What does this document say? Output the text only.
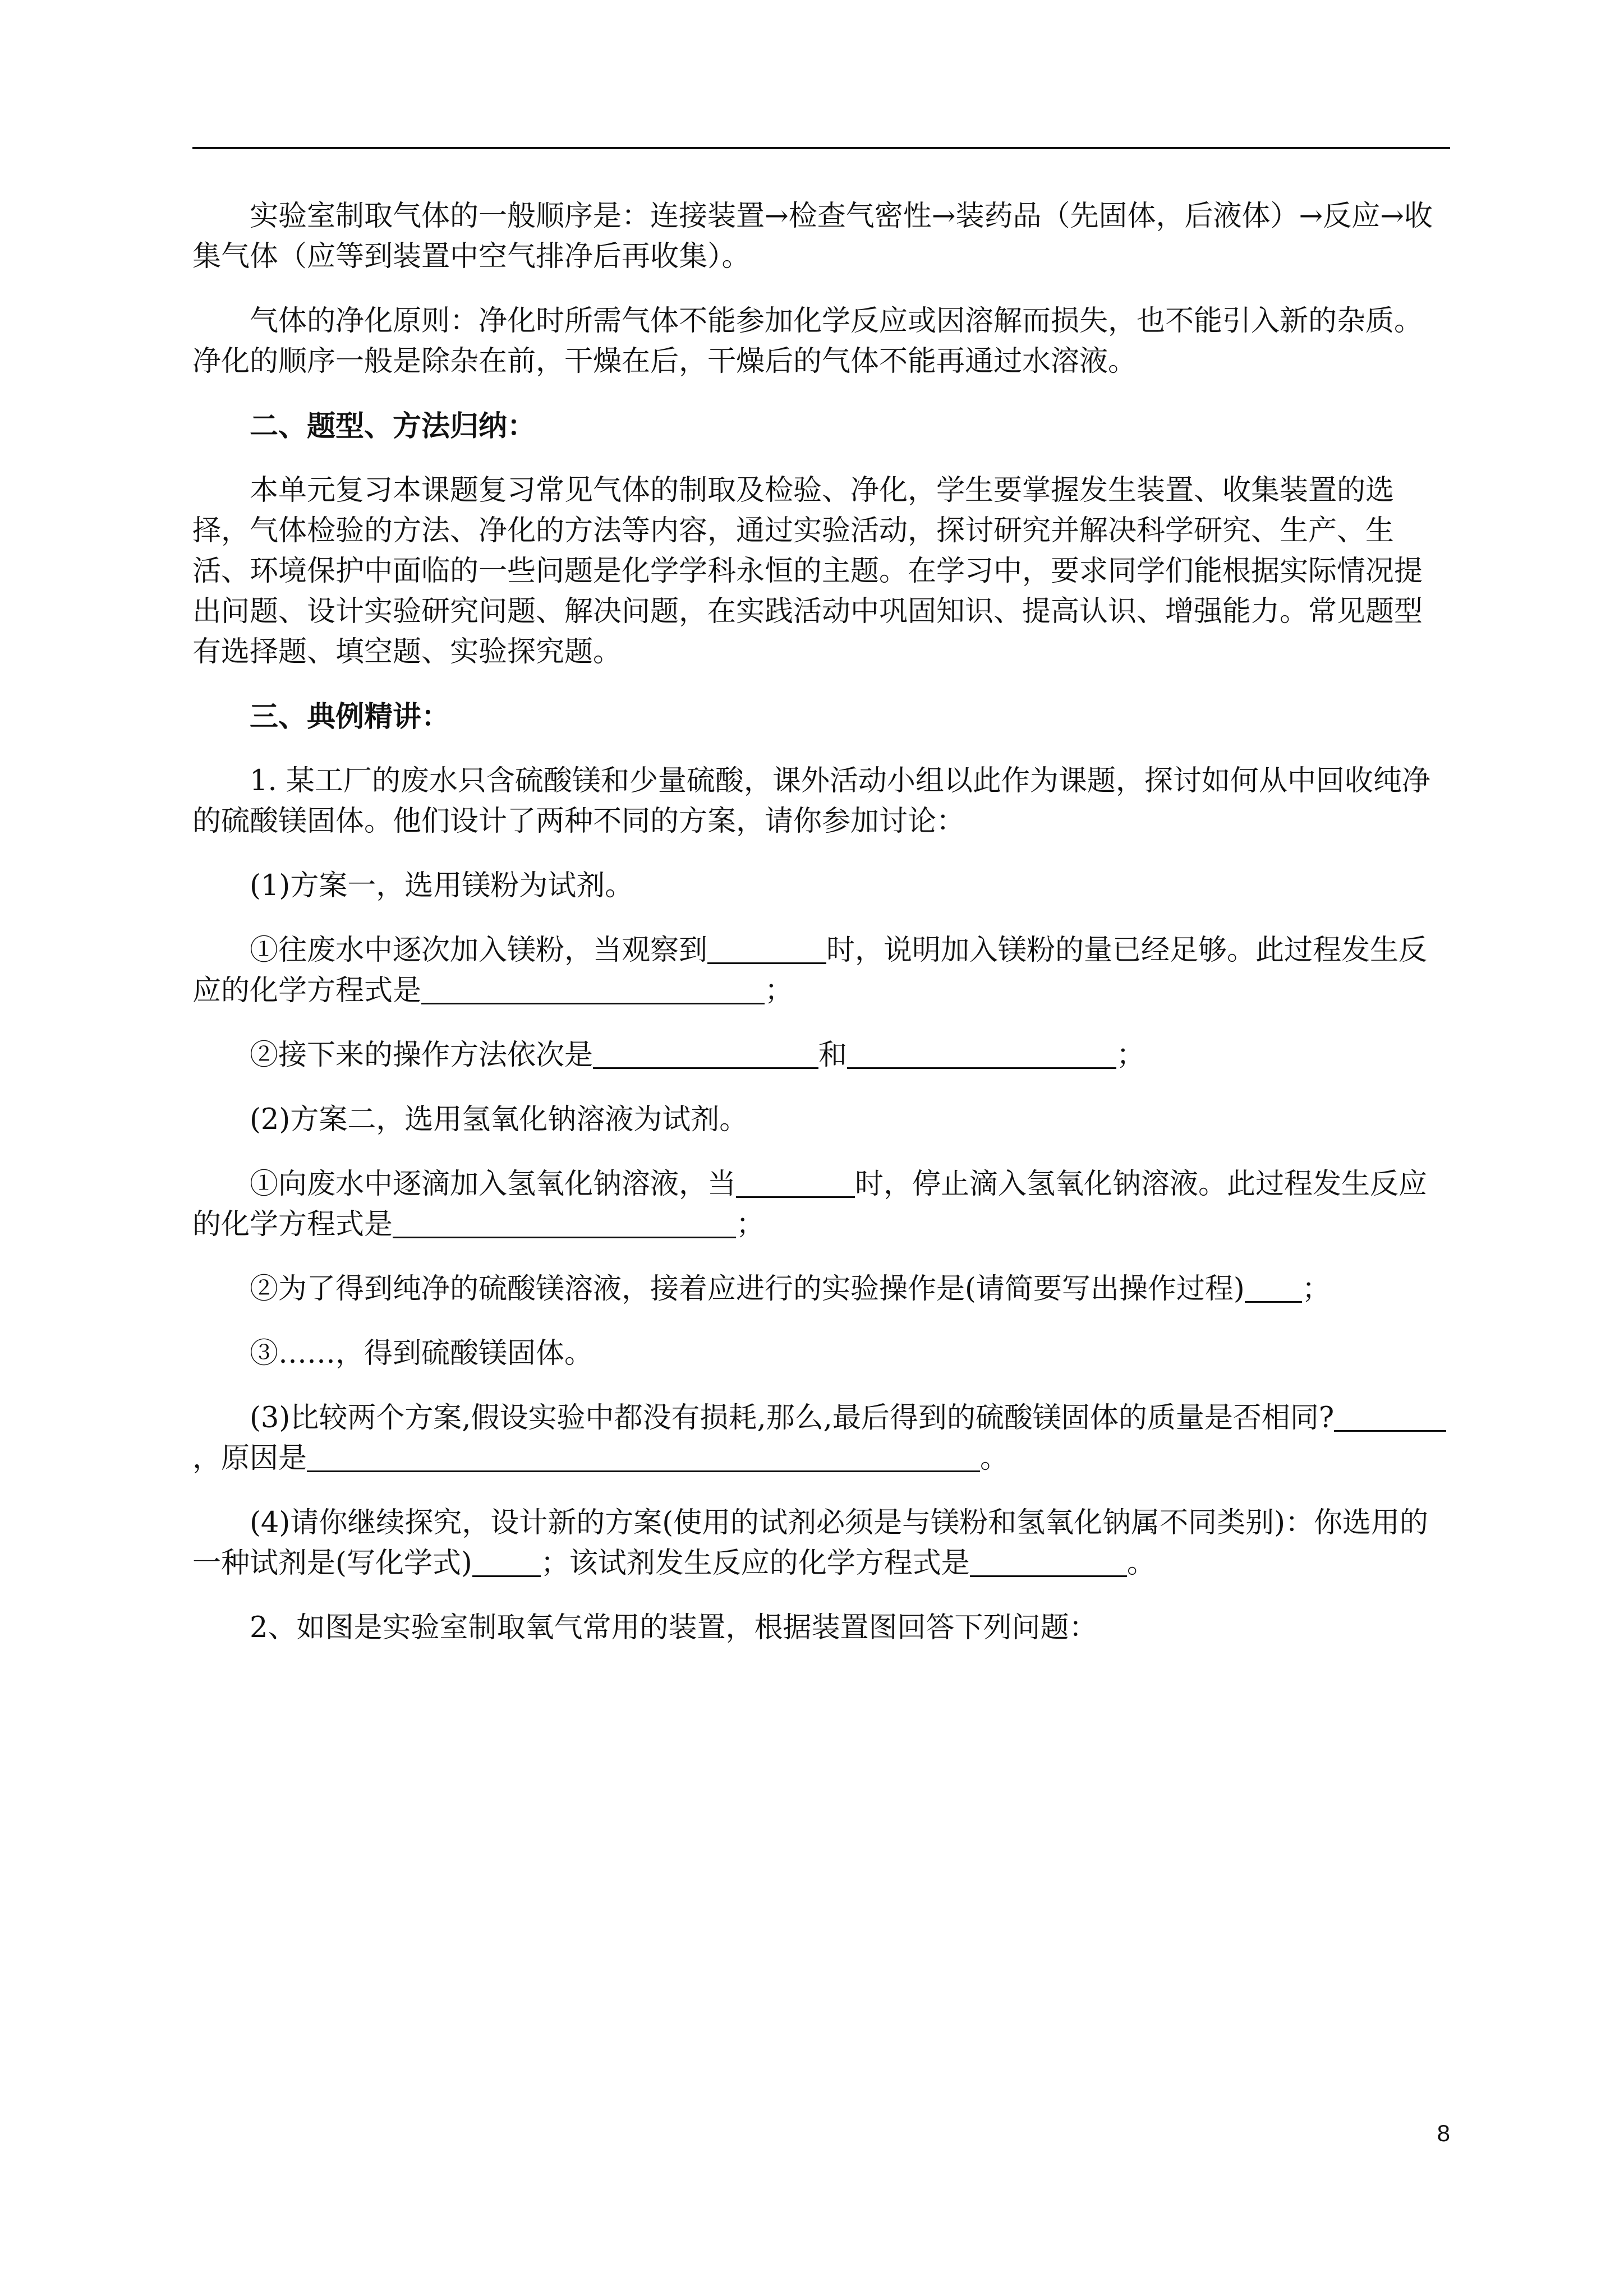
实验室制取气体的一般顺序是：连接装置→检查气密性→装药品（先固体，后液体）→反应→收集气体（应等到装置中空气排净后再收集）。

气体的净化原则：净化时所需气体不能参加化学反应或因溶解而损失，也不能引入新的杂质。净化的顺序一般是除杂在前，干燥在后，干燥后的气体不能再通过水溶液。

二、题型、方法归纳：

本单元复习本课题复习常见气体的制取及检验、净化，学生要掌握发生装置、收集装置的选择，气体检验的方法、净化的方法等内容，通过实验活动，探讨研究并解决科学研究、生产、生活、环境保护中面临的一些问题是化学学科永恒的主题。在学习中，要求同学们能根据实际情况提出问题、设计实验研究问题、解决问题，在实践活动中巩固知识、提高认识、增强能力。常见题型有选择题、填空题、实验探究题。

三、典例精讲：

1. 某工厂的废水只含硫酸镁和少量硫酸，课外活动小组以此作为课题，探讨如何从中回收纯净的硫酸镁固体。他们设计了两种不同的方案，请你参加讨论：

(1)方案一，选用镁粉为试剂。

①往废水中逐次加入镁粉，当观察到	时，说明加入镁粉的量已经足够。此过程发生反应的化学方程式是	；

②接下来的操作方法依次是	和	；

(2)方案二，选用氢氧化钠溶液为试剂。

①向废水中逐滴加入氢氧化钠溶液，当	时，停止滴入氢氧化钠溶液。此过程发生反应的化学方程式是	；

②为了得到纯净的硫酸镁溶液，接着应进行的实验操作是(请简要写出操作过程) ；

③……，得到硫酸镁固体。

(3)比较两个方案,假设实验中都没有损耗,那么,最后得到的硫酸镁固体的质量是否相同?，原因是	。

(4)请你继续探究，设计新的方案(使用的试剂必须是与镁粉和氢氧化钠属不同类别)：你选用的一种试剂是(写化学式) ；该试剂发生反应的化学方程式是	。

2、如图是实验室制取氧气常用的装置，根据装置图回答下列问题：

8
